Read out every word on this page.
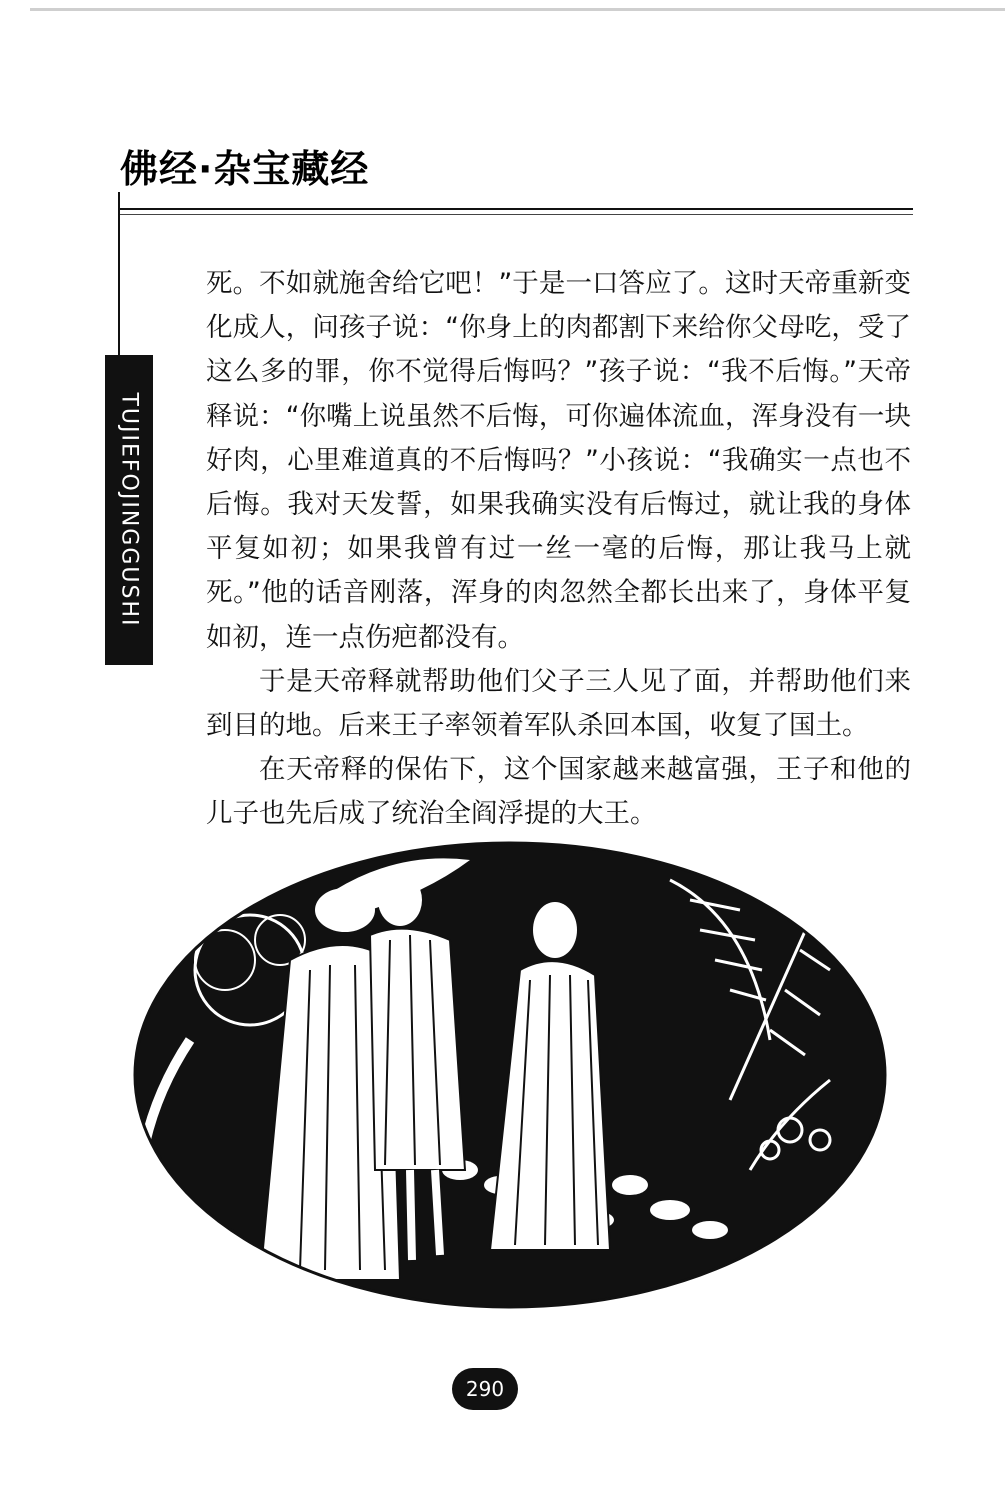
佛经·杂宝藏经
TUJIEFOJINGGUSHI

死。不如就施舍给它吧！”于是一口答应了。这时天帝重新变化成人，问孩子说：“你身上的肉都割下来给你父母吃，受了这么多的罪，你不觉得后悔吗？”孩子说：“我不后悔。”天帝释说：“你嘴上说虽然不后悔，可你遍体流血，浑身没有一块好肉，心里难道真的不后悔吗？”小孩说：“我确实一点也不后悔。我对天发誓，如果我确实没有后悔过，就让我的身体平复如初；如果我曾有过一丝一毫的后悔，那让我马上就死。”他的话音刚落，浑身的肉忽然全都长出来了，身体平复如初，连一点伤疤都没有。

于是天帝释就帮助他们父子三人见了面，并帮助他们来到目的地。后来王子率领着军队杀回本国，收复了国土。

在天帝释的保佑下，这个国家越来越富强，王子和他的儿子也先后成了统治全阎浮提的大王。

290
